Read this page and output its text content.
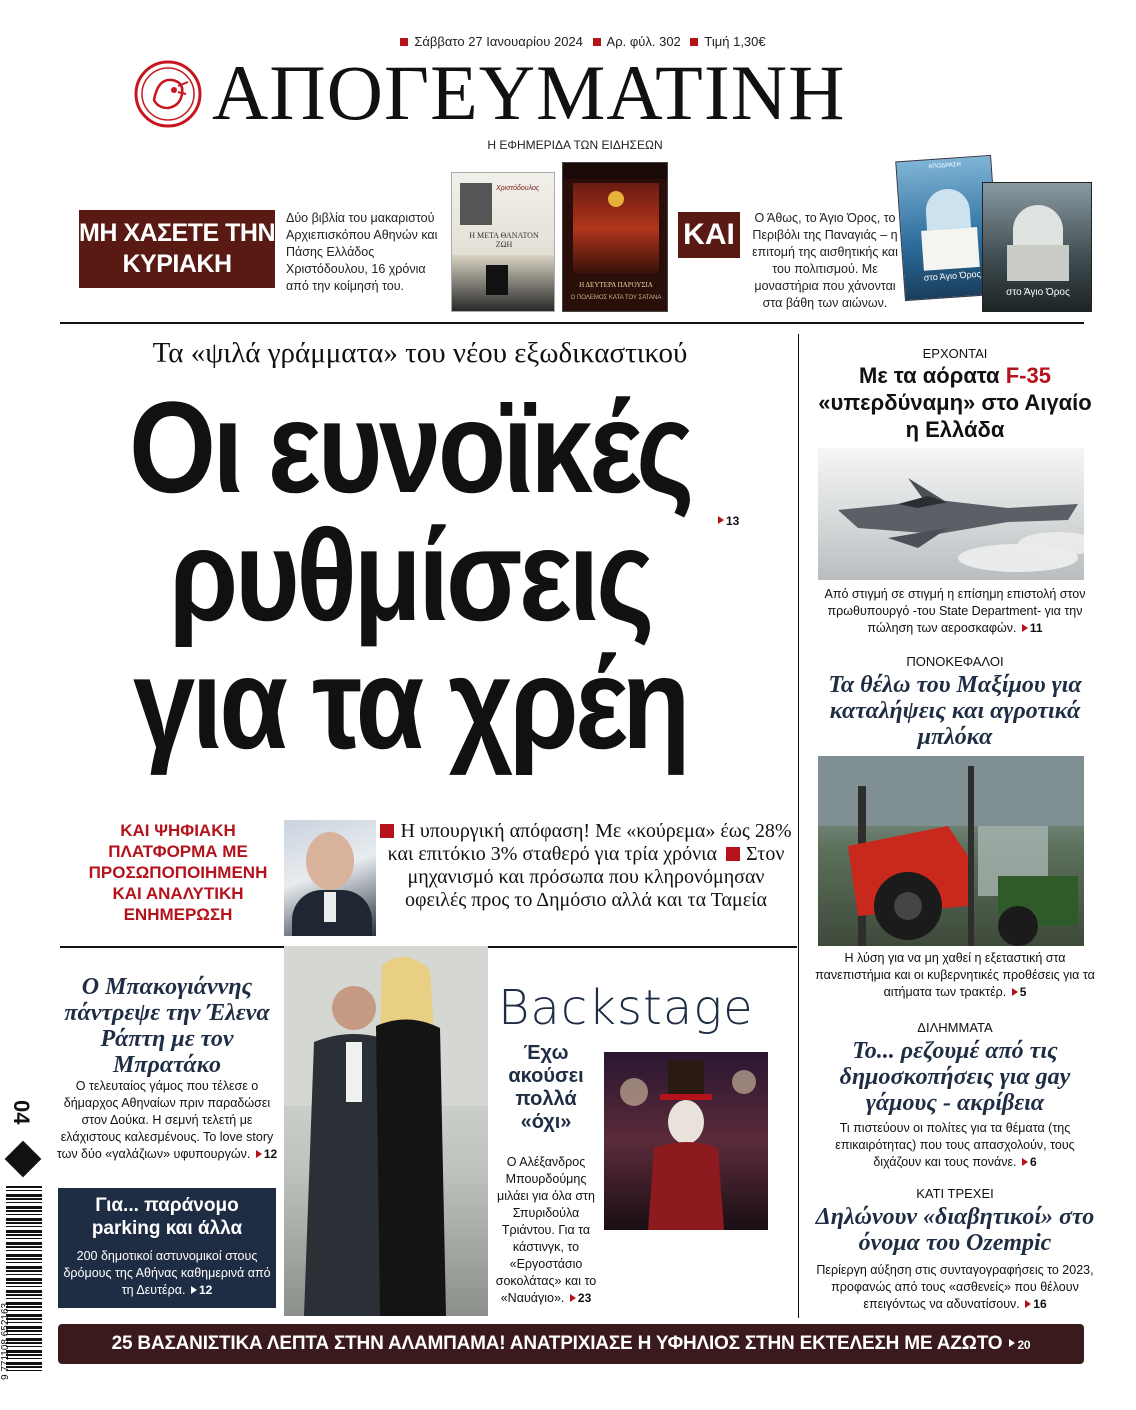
Σάββατο 27 Ιανουαρίου 2024 Αρ. φύλ. 302 Τιμή 1,30€
ΑΠΟΓΕΥΜΑΤΙΝΗ
Η ΕΦΗΜΕΡΙΔΑ ΤΩΝ ΕΙΔΗΣΕΩΝ
ΜΗ ΧΑΣΕΤΕ ΤΗΝ ΚΥΡΙΑΚΗ
Δύο βιβλία του μακαριστού Αρχιεπισκόπου Αθηνών και Πάσης Ελλάδος Χριστόδουλου, 16 χρόνια από την κοίμησή του.
Χριστόδουλος
Η ΜΕΤΑ ΘΑΝΑΤΟΝ ΖΩΗ
Η ΔΕΥΤΕΡΑ ΠΑΡΟΥΣΙΑ
Ο ΠΟΛΕΜΟΣ ΚΑΤΑ ΤΟΥ ΣΑΤΑΝΑ
ΚΑΙ	Ο Άθως, το Άγιο Όρος, το Περιβόλι της Παναγιάς – η επιτομή της αισθητικής και του πολιτισμού. Με μοναστήρια που χάνονται στα βάθη των αιώνων.
ΑΠΟΔΡΑΣΗ
στο Άγιο Όρος
στο Άγιο Όρος
Τα «ψιλά γράμματα» του νέου εξωδικαστικού
Οι ευνοϊκές
ρυθμίσεις
για τα χρέη
13
ΚΑΙ ΨΗΦΙΑΚΗ ΠΛΑΤΦΟΡΜΑ ΜΕ ΠΡΟΣΩΠΟΠΟΙΗΜΕΝΗ ΚΑΙ ΑΝΑΛΥΤΙΚΗ ΕΝΗΜΕΡΩΣΗ
Η υπουργική απόφαση! Με «κούρεμα» έως 28% και επιτόκιο 3% σταθερό για τρία χρόνια Στον μηχανισμό και πρόσωπα που κληρονόμησαν οφειλές προς το Δημόσιο αλλά και τα Ταμεία
ΕΡΧΟΝΤΑΙ
Με τα αόρατα F-35 «υπερδύναμη» στο Αιγαίο η Ελλάδα
Από στιγμή σε στιγμή η επίσημη επιστολή στον πρωθυπουργό -του State Department- για την πώληση των αεροσκαφών. 11
ΠΟΝΟΚΕΦΑΛΟΙ
Τα θέλω του Μαξίμου για καταλήψεις και αγροτικά μπλόκα
Η λύση για να μη χαθεί η εξεταστική στα πανεπιστήμια και οι κυβερνητικές προθέσεις για τα αιτήματα των τρακτέρ. 5
ΔΙΛΗΜΜΑΤΑ
Το... ρεζουμέ από τις δημοσκοπήσεις για gay γάμους - ακρίβεια
Τι πιστεύουν οι πολίτες για τα θέματα (της επικαιρότητας) που τους απασχολούν, τους διχάζουν και τους πονάνε. 6
ΚΑΤΙ ΤΡΕΧΕΙ
Δηλώνουν «διαβητικοί» στο όνομα του Ozempic
Περίεργη αύξηση στις συνταγογραφήσεις το 2023, προφανώς από τους «ασθενείς» που θέλουν επειγόντως να αδυνατίσουν. 16
Ο Μπακογιάννης πάντρεψε την Έλενα Ράπτη με τον Μπρατάκο
Ο τελευταίος γάμος που τέλεσε ο δήμαρχος Αθηναίων πριν παραδώσει στον Δούκα. Η σεμνή τελετή με ελάχιστους καλεσμένους. Το love story των δύο «γαλάζιων» υφυπουργών. 12
Για... παράνομο parking και άλλα
200 δημοτικοί αστυνομικοί στους δρόμους της Αθήνας καθημερινά από τη Δευτέρα. 12
Backstage
Έχω ακούσει πολλά «όχι»
Ο Αλέξανδρος Μπουρδούμης μιλάει για όλα στη Σπυριδούλα Τριάντου. Για τα κάστινγκ, το «Εργοστάσιο σοκολάτας» και το «Ναυάγιο». 23
04
9 771108 652163	25 ΒΑΣΑΝΙΣΤΙΚΑ ΛΕΠΤΑ ΣΤΗΝ ΑΛΑΜΠΑΜΑ! ΑΝΑΤΡΙΧΙΑΣΕ Η ΥΦΗΛΙΟΣ ΣΤΗΝ ΕΚΤΕΛΕΣΗ ΜΕ ΑΖΩΤΟ 20
